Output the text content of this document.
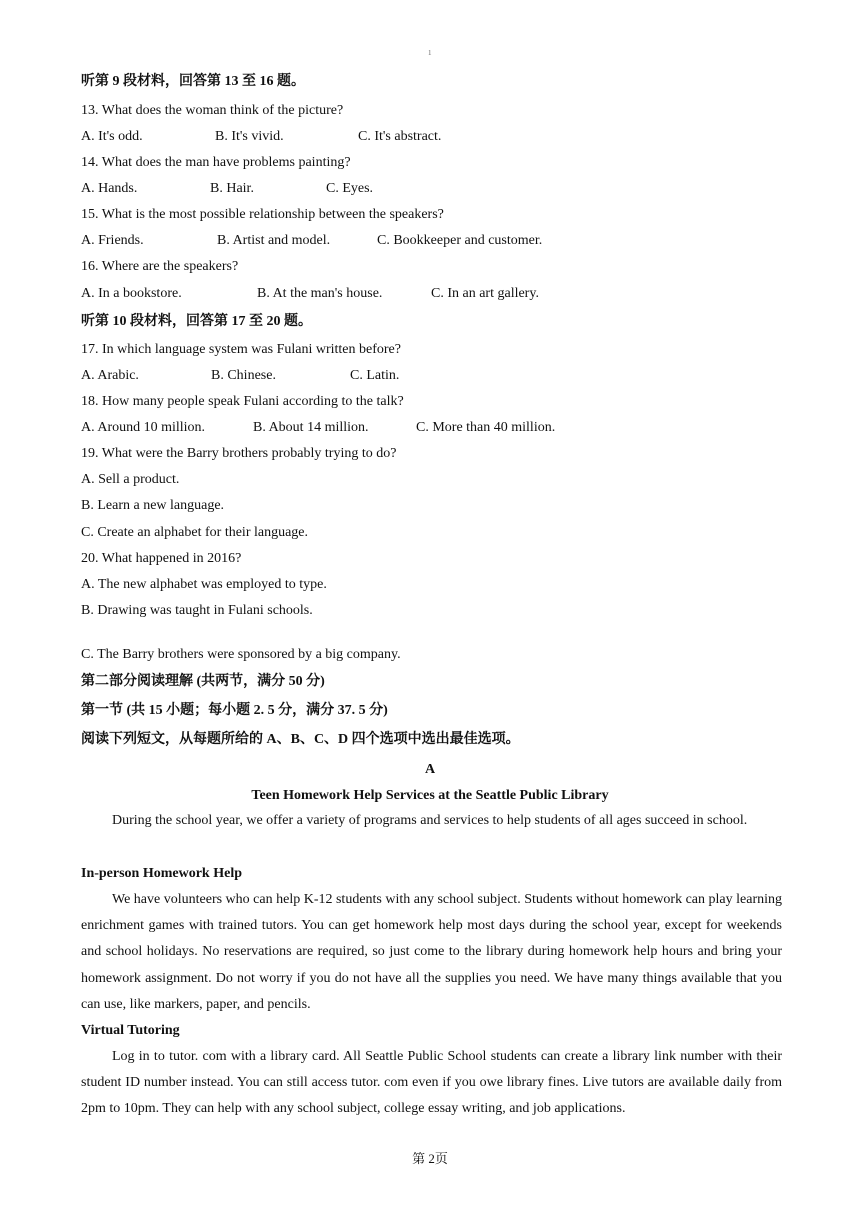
1
听第 9 段材料，回答第 13 至 16 题。
13. What does the woman think of the picture?
A. It's odd.	B. It's vivid.	C. It's abstract.
14. What does the man have problems painting?
A. Hands.	B. Hair.	C. Eyes.
15. What is the most possible relationship between the speakers?
A. Friends.	B. Artist and model.	C. Bookkeeper and customer.
16. Where are the speakers?
A. In a bookstore.	B. At the man's house.	C. In an art gallery.
听第 10 段材料，回答第 17 至 20 题。
17. In which language system was Fulani written before?
A. Arabic.	B. Chinese.	C. Latin.
18. How many people speak Fulani according to the talk?
A. Around 10 million.	B. About 14 million.	C. More than 40 million.
19. What were the Barry brothers probably trying to do?
A. Sell a product.
B. Learn a new language.
C. Create an alphabet for their language.
20. What happened in 2016?
A. The new alphabet was employed to type.
B. Drawing was taught in Fulani schools.
C. The Barry brothers were sponsored by a big company.
第二部分阅读理解 (共两节，满分 50 分)
第一节 (共 15 小题；每小题 2. 5 分，满分 37. 5 分)
阅读下列短文，从每题所给的 A、B、C、D 四个选项中选出最佳选项。
A
Teen Homework Help Services at the Seattle Public Library
During the school year, we offer a variety of programs and services to help students of all ages succeed in school.
In-person Homework Help
We have volunteers who can help K-12 students with any school subject. Students without homework can play learning enrichment games with trained tutors. You can get homework help most days during the school year, except for weekends and school holidays. No reservations are required, so just come to the library during homework help hours and bring your homework assignment. Do not worry if you do not have all the supplies you need. We have many things available that you can use, like markers, paper, and pencils.
Virtual Tutoring
Log in to tutor. com with a library card. All Seattle Public School students can create a library link number with their student ID number instead. You can still access tutor. com even if you owe library fines. Live tutors are available daily from 2pm to 10pm. They can help with any school subject, college essay writing, and job applications.
第 2页
